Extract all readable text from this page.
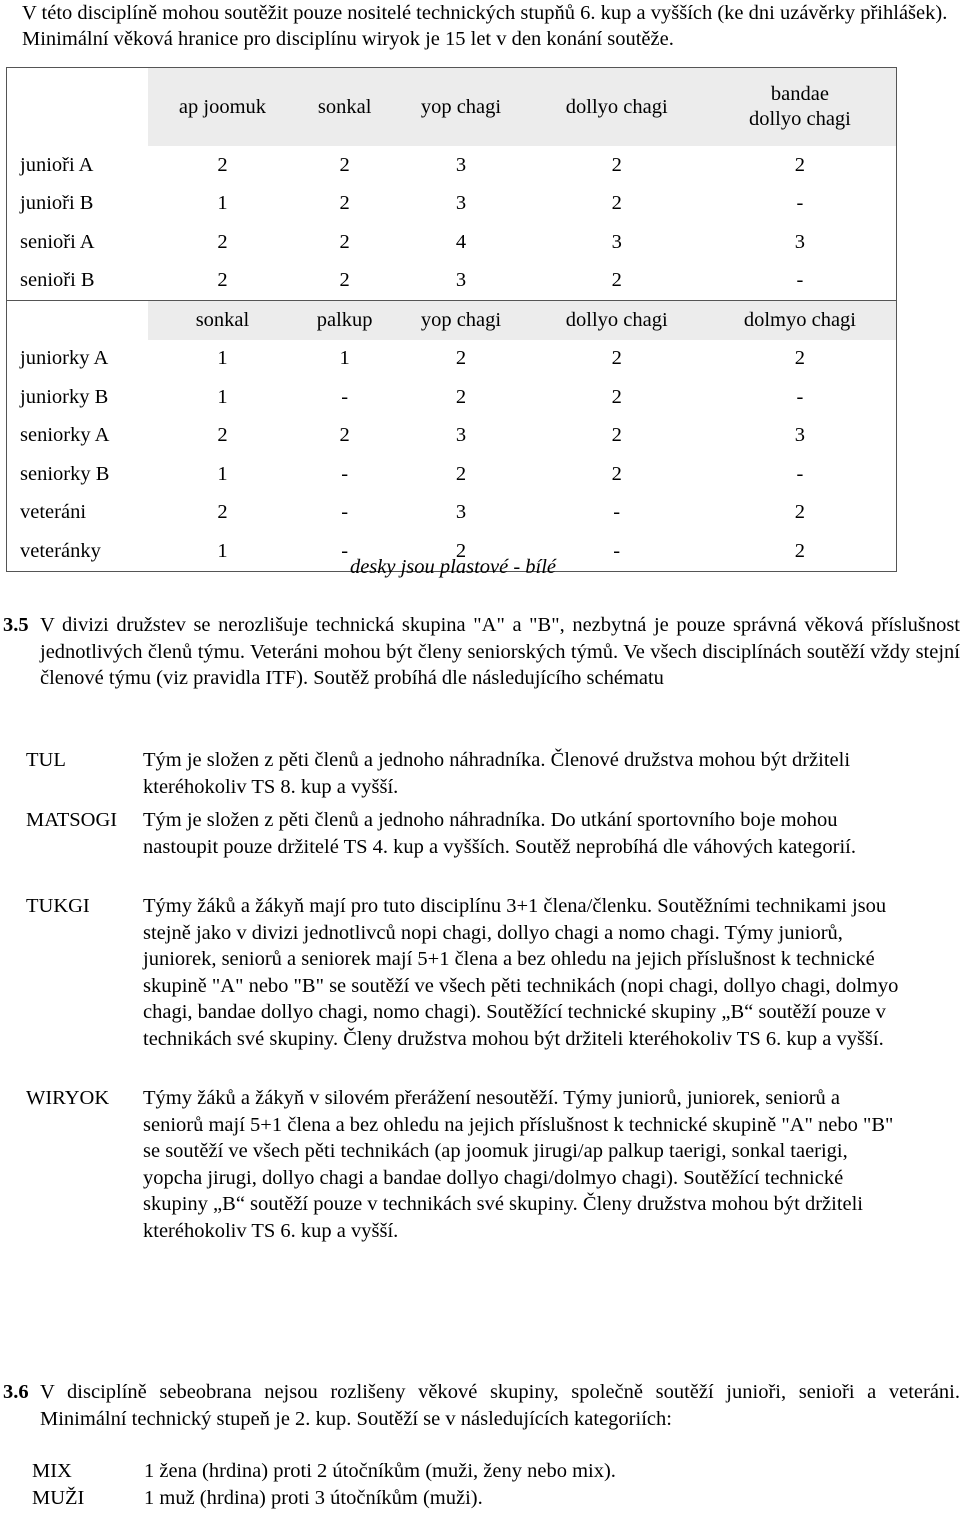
V této disciplíně mohou soutěžit pouze nositelé technických stupňů 6. kup a vyšších (ke dni uzávěrky přihlášek). Minimální věková hranice pro disciplínu wiryok je 15 let v den konání soutěže.
	ap joomuk	sonkal	yop chagi	dollyo chagi	bandae
dollyo chagi

junioři A	2	2	3	2	2
junioři B	1	2	3	2	-
senioři A	2	2	4	3	3
senioři B	2	2	3	2	-
	sonkal	palkup	yop chagi	dollyo chagi	dolmyo chagi
juniorky A	1	1	2	2	2
juniorky B	1	-	2	2	-
seniorky A	2	2	3	2	3
seniorky B	1	-	2	2	-
veteráni	2	-	3	-	2
veteránky	1	-	2	-	2
desky jsou plastové - bílé
3.5 V divizi družstev se nerozlišuje technická skupina "A" a "B", nezbytná je pouze správná věková příslušnost jednotlivých členů týmu. Veteráni mohou být členy seniorských týmů. Ve všech disciplínách soutěží vždy stejní členové týmu (viz pravidla ITF). Soutěž probíhá dle následujícího schématu
TUL	Tým je složen z pěti členů a jednoho náhradníka. Členové družstva mohou být držiteli kteréhokoliv TS 8. kup a vyšší.
MATSOGI Tým je složen z pěti členů a jednoho náhradníka. Do utkání sportovního boje mohou nastoupit pouze držitelé TS 4. kup a vyšších. Soutěž neprobíhá dle váhových kategorií.
TUKGI	Týmy žáků a žákyň mají pro tuto disciplínu 3+1 člena/členku. Soutěžními technikami jsou stejně jako v divizi jednotlivců nopi chagi, dollyo chagi a nomo chagi. Týmy juniorů, juniorek, seniorů a seniorek mají 5+1 člena a bez ohledu na jejich příslušnost k technické skupině "A" nebo "B" se soutěží ve všech pěti technikách (nopi chagi, dollyo chagi, dolmyo chagi, bandae dollyo chagi, nomo chagi). Soutěžící technické skupiny „B“ soutěží pouze v technikách své skupiny. Členy družstva mohou být držiteli kteréhokoliv TS 6. kup a vyšší.
WIRYOK Týmy žáků a žákyň v silovém přerážení nesoutěží. Týmy juniorů, juniorek, seniorů a seniorů mají 5+1 člena a bez ohledu na jejich příslušnost k technické skupině "A" nebo "B" se soutěží ve všech pěti technikách (ap joomuk jirugi/ap palkup taerigi, sonkal taerigi, yopcha jirugi, dollyo chagi a bandae dollyo chagi/dolmyo chagi). Soutěžící technické skupiny „B“ soutěží pouze v technikách své skupiny. Členy družstva mohou být držiteli kteréhokoliv TS 6. kup a vyšší.
3.6 V disciplíně sebeobrana nejsou rozlišeny věkové skupiny, společně soutěží junioři, senioři a veteráni. Minimální technický stupeň je 2. kup. Soutěží se v následujících kategoriích:
MIX	1 žena (hrdina) proti 2 útočníkům (muži, ženy nebo mix).
MUŽI	1 muž (hrdina) proti 3 útočníkům (muži).
